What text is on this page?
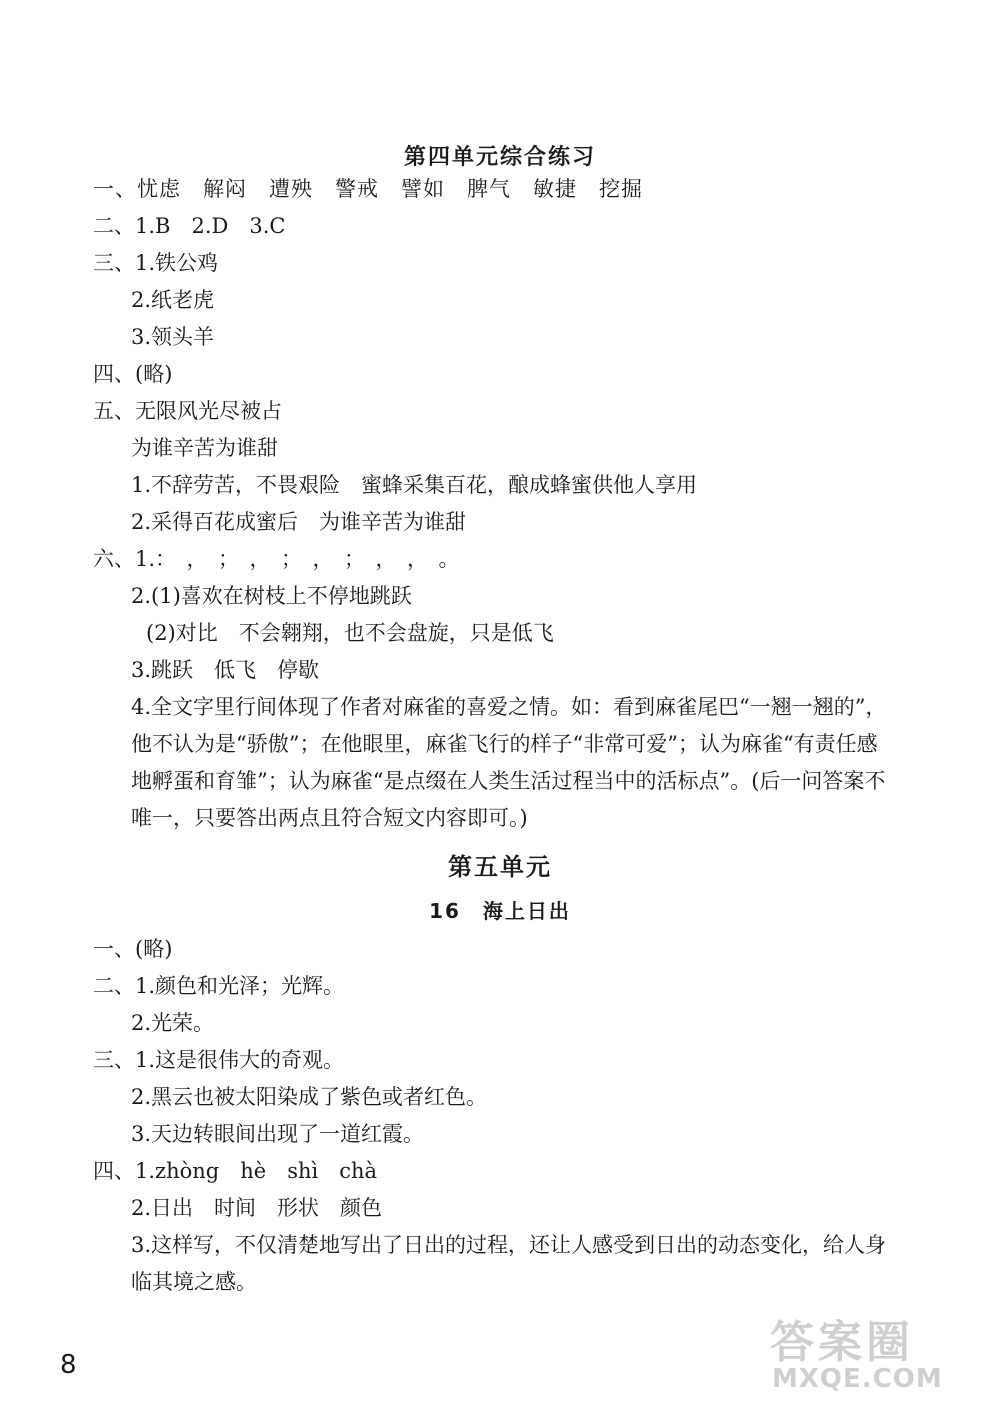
第四单元综合练习
一、忧虑　解闷　遭殃　警戒　譬如　脾气　敏捷　挖掘
二、1.B　2.D　3.C
三、1.铁公鸡
2.纸老虎
3.领头羊
四、(略)
五、无限风光尽被占
为谁辛苦为谁甜
1.不辞劳苦，不畏艰险　蜜蜂采集百花，酿成蜂蜜供他人享用
2.采得百花成蜜后　为谁辛苦为谁甜
六、1.：　，　；　，　；　，　；　，　，　。
2.(1)喜欢在树枝上不停地跳跃
(2)对比　不会翱翔，也不会盘旋，只是低飞
3.跳跃　低飞　停歇
4.全文字里行间体现了作者对麻雀的喜爱之情。如：看到麻雀尾巴“一翘一翘的”，他不认为是“骄傲”；在他眼里，麻雀飞行的样子“非常可爱”；认为麻雀“有责任感地孵蛋和育雏”；认为麻雀“是点缀在人类生活过程当中的活标点”。(后一问答案不唯一，只要答出两点且符合短文内容即可。)
第五单元
16　海上日出
一、(略)
二、1.颜色和光泽；光辉。
2.光荣。
三、1.这是很伟大的奇观。
2.黑云也被太阳染成了紫色或者红色。
3.天边转眼间出现了一道红霞。
四、1.zhòng　hè　shì　chà
2.日出　时间　形状　颜色
3.这样写，不仅清楚地写出了日出的过程，还让人感受到日出的动态变化，给人身临其境之感。
8	答案圈
MXQE.COM
